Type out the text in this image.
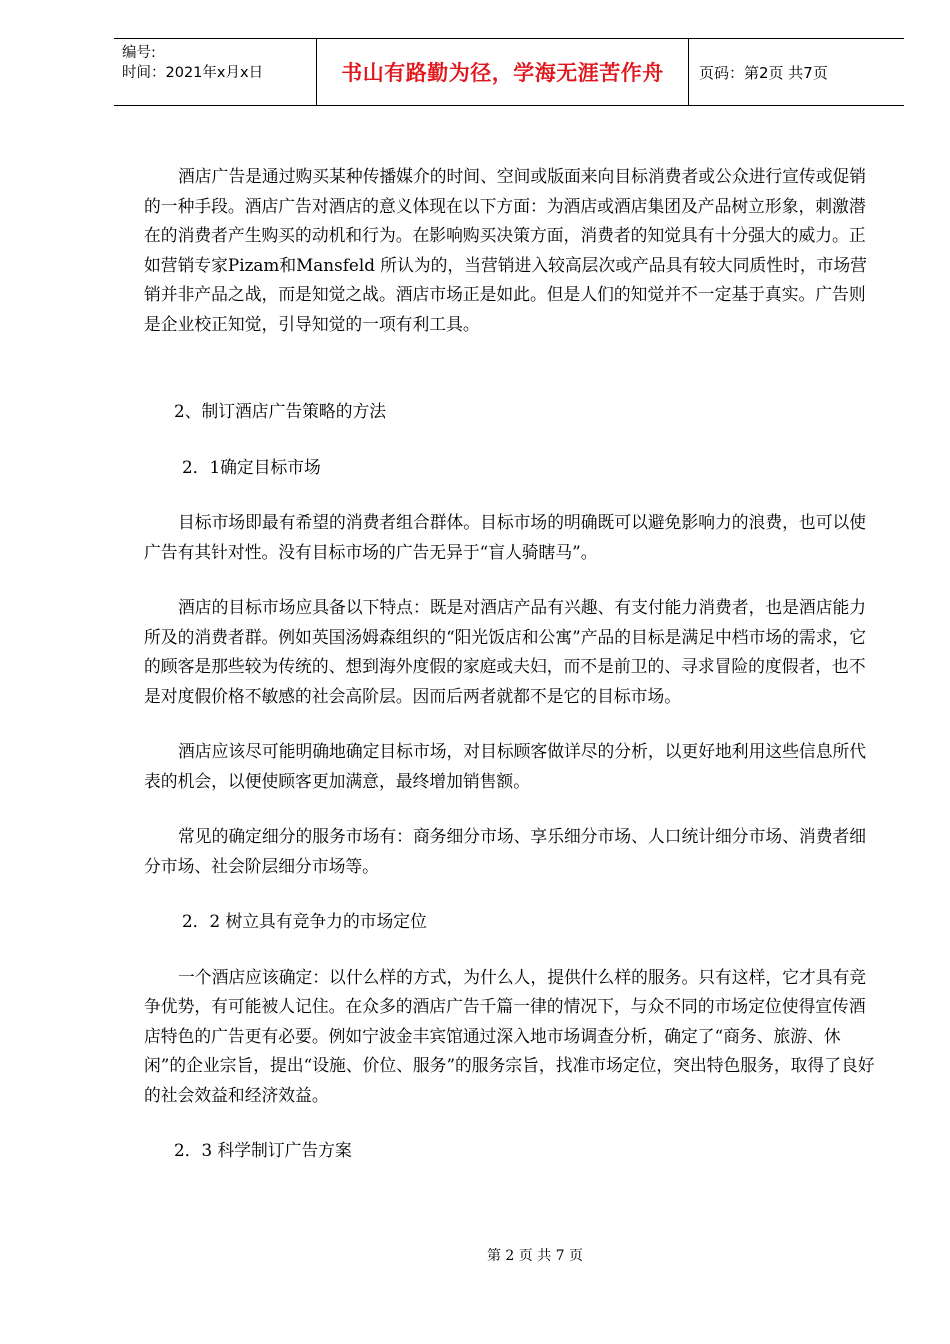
编号:
时间：2021年x月x日	书山有路勤为径，学海无涯苦作舟 页码：第2页 共7页

酒店广告是通过购买某种传播媒介的时间、空间或版面来向目标消费者或公众进行宣传或促销的一种手段。酒店广告对酒店的意义体现在以下方面：为酒店或酒店集团及产品树立形象，刺激潜在的消费者产生购买的动机和行为。在影响购买决策方面，消费者的知觉具有十分强大的威力。正如营销专家Pizam和Mansfeld 所认为的，当营销进入较高层次或产品具有较大同质性时，市场营销并非产品之战，而是知觉之战。酒店市场正是如此。但是人们的知觉并不一定基于真实。广告则是企业校正知觉，引导知觉的一项有利工具。

2、制订酒店广告策略的方法

2．1确定目标市场

目标市场即最有希望的消费者组合群体。目标市场的明确既可以避免影响力的浪费，也可以使广告有其针对性。没有目标市场的广告无异于“盲人骑瞎马”。

酒店的目标市场应具备以下特点：既是对酒店产品有兴趣、有支付能力消费者，也是酒店能力所及的消费者群。例如英国汤姆森组织的“阳光饭店和公寓”产品的目标是满足中档市场的需求，它的顾客是那些较为传统的、想到海外度假的家庭或夫妇，而不是前卫的、寻求冒险的度假者，也不是对度假价格不敏感的社会高阶层。因而后两者就都不是它的目标市场。

酒店应该尽可能明确地确定目标市场，对目标顾客做详尽的分析，以更好地利用这些信息所代表的机会，以便使顾客更加满意，最终增加销售额。

常见的确定细分的服务市场有：商务细分市场、享乐细分市场、人口统计细分市场、消费者细分市场、社会阶层细分市场等。

2．2 树立具有竞争力的市场定位

一个酒店应该确定：以什么样的方式，为什么人，提供什么样的服务。只有这样，它才具有竞争优势，有可能被人记住。在众多的酒店广告千篇一律的情况下，与众不同的市场定位使得宣传酒店特色的广告更有必要。例如宁波金丰宾馆通过深入地市场调查分析，确定了“商务、旅游、休闲”的企业宗旨，提出“设施、价位、服务”的服务宗旨，找准市场定位，突出特色服务，取得了良好的社会效益和经济效益。

2．3 科学制订广告方案

第 2 页 共 7 页
